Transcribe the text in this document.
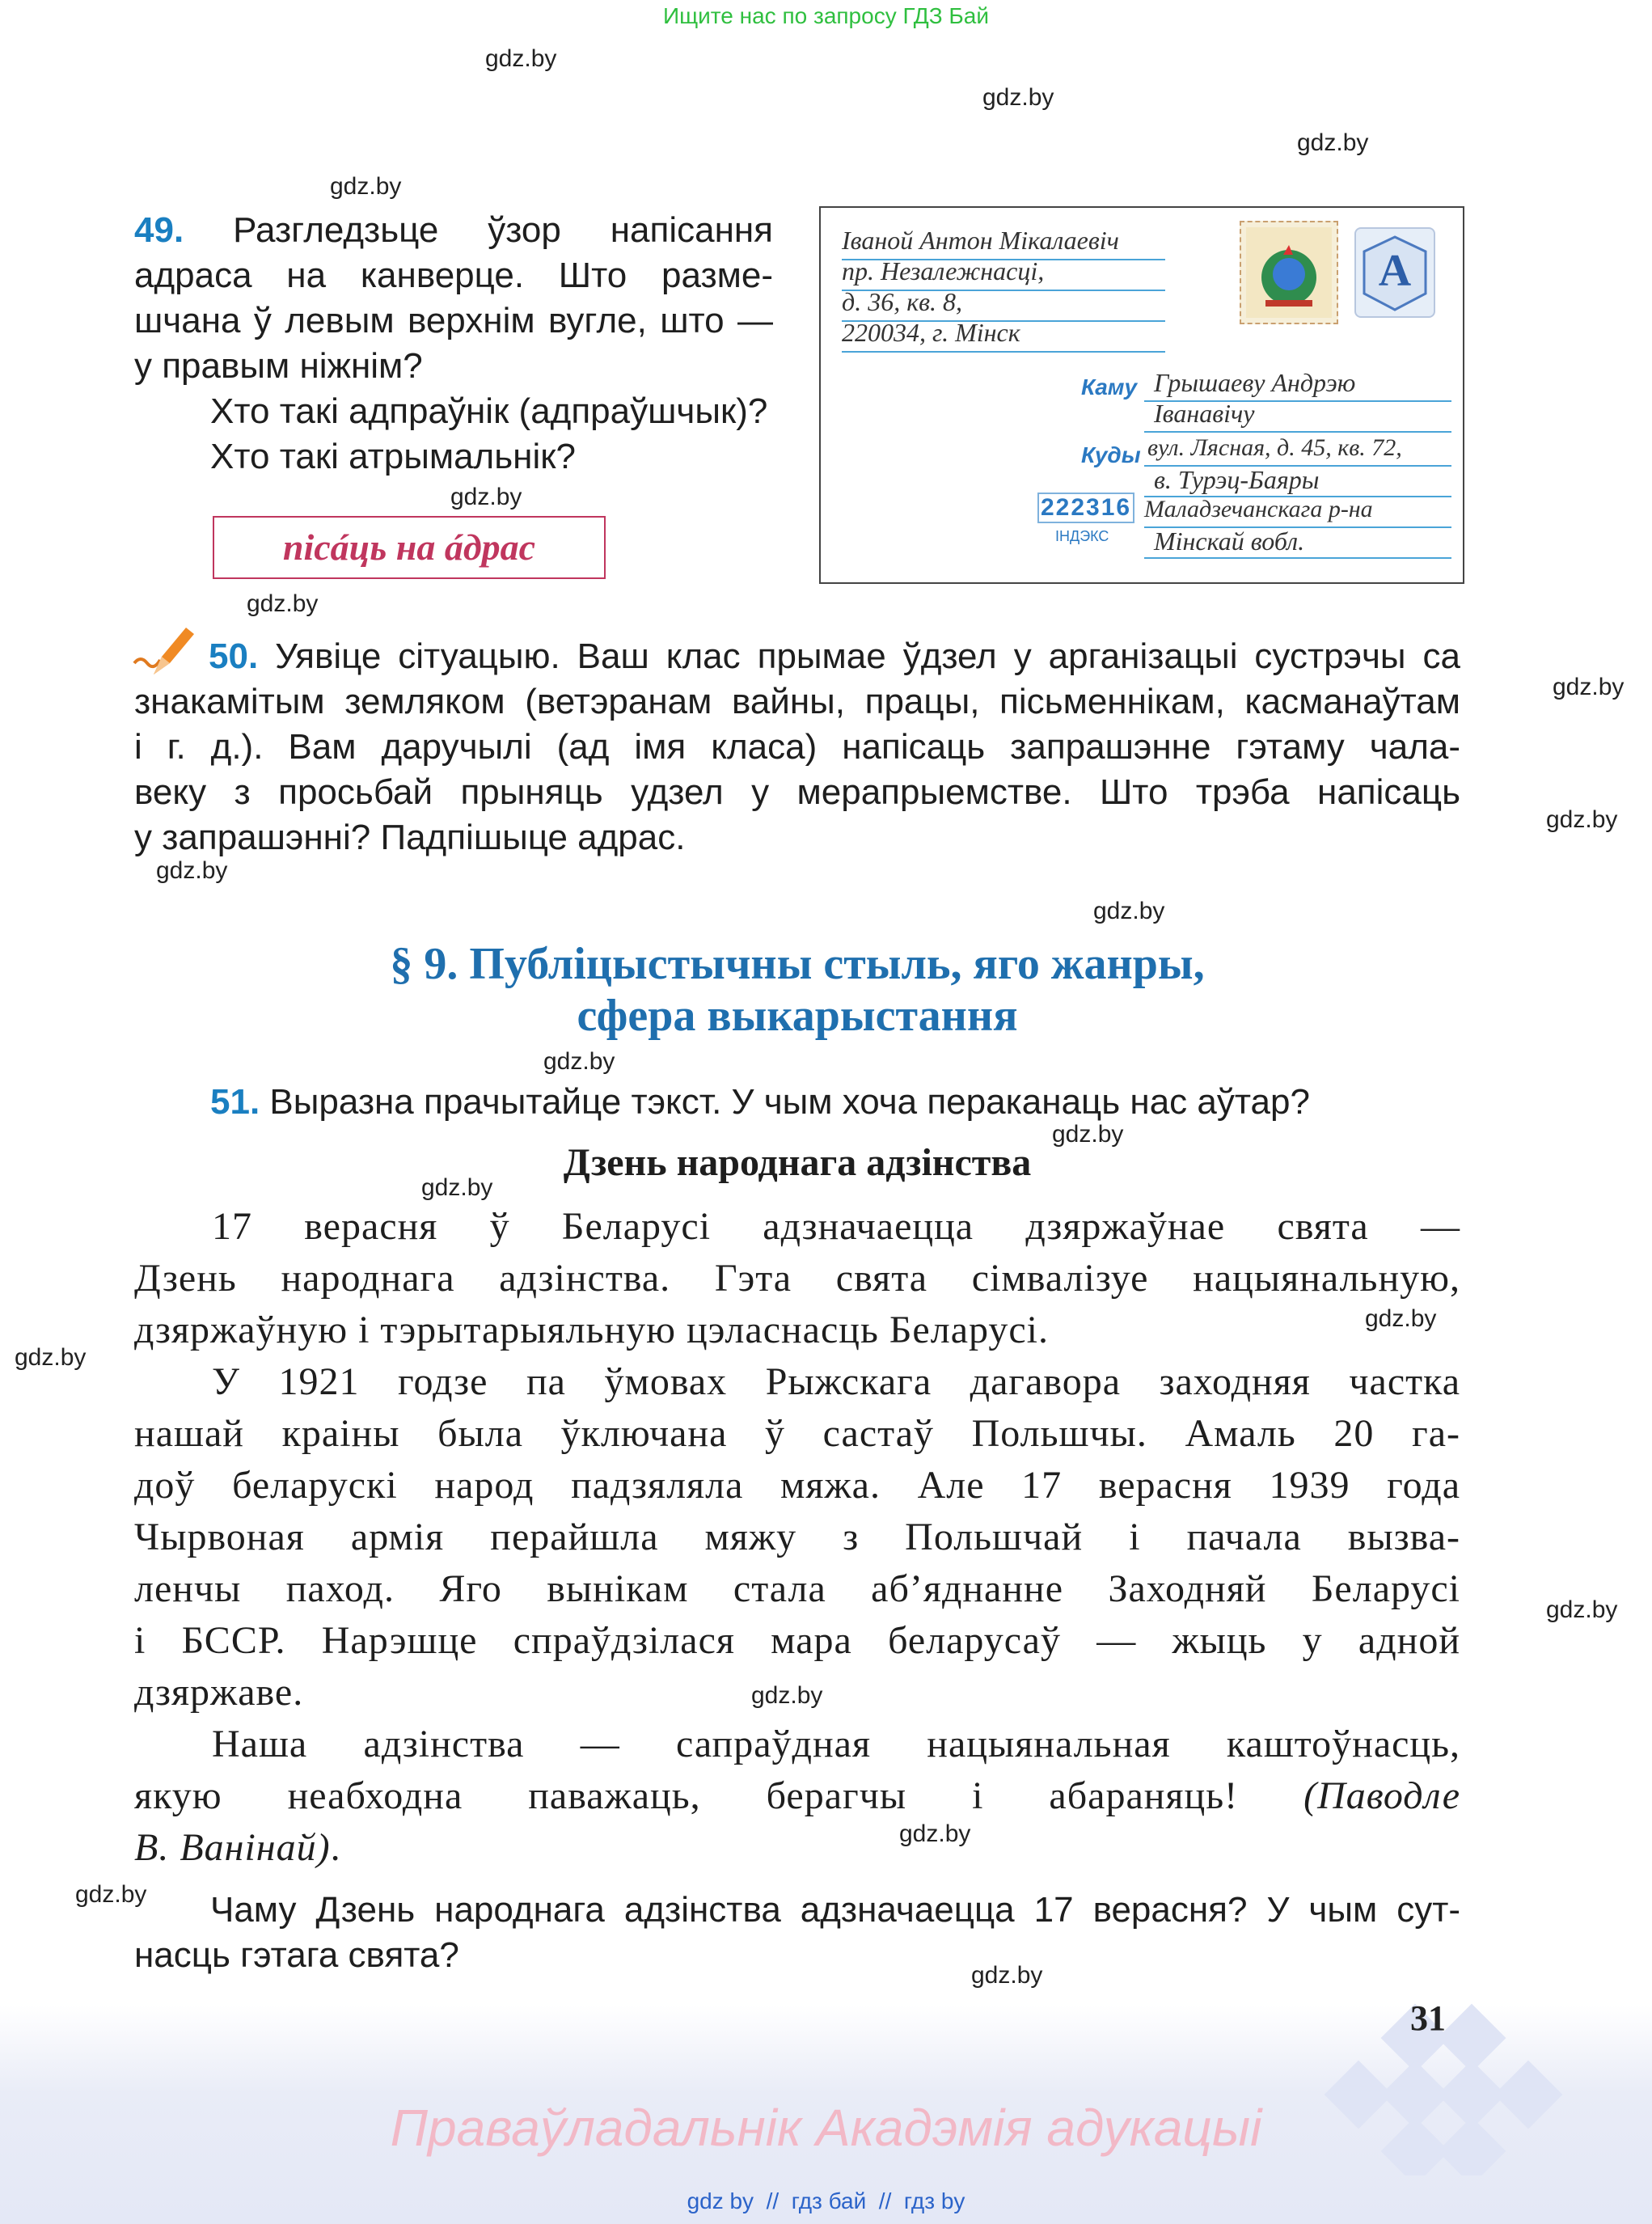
Ищите нас по запросу ГДЗ Бай
gdz.by
gdz.by
gdz.by
gdz.by
gdz.by
gdz.by
gdz.by
gdz.by
gdz.by
gdz.by
gdz.by
gdz.by
gdz.by
gdz.by
gdz.by
gdz.by
gdz.by
gdz.by
gdz.by
gdz.by
49. Разгледзьце ўзор напісання
адраса на канверце. Што разме-
шчана ў левым верхнім вугле, што —
у правым ніжнім?
Хто такі адпраўнік (адпраўшчык)?
Хто такі атрымальнік?
пісáць на áдрас
Іваной Антон Мікалаевіч
пр. Незалежнасці,
д. 36, кв. 8,
220034, г. Мінск
А
Каму Грышаеву Андрэю
Іванавічу
Куды вул. Лясная, д. 45, кв. 72,
в. Турэц-Баяры
Маладзечанскага р-на
Мінскай вобл.
222316
ІНДЭКС
50. Уявіце сітуацыю. Ваш клас прымае ўдзел у арганізацыі сустрэчы са
знакамітым земляком (ветэранам вайны, працы, пісьменнікам, касманаўтам
і г. д.). Вам даручылі (ад імя класа) напісаць запрашэнне гэтаму чала-
веку з просьбай прыняць удзел у мерапрыемстве. Што трэба напісаць
у запрашэнні? Падпішыце адрас.
§ 9. Публіцыстычны стыль, яго жанры,
сфера выкарыстання
51. Выразна прачытайце тэкст. У чым хоча пераканаць нас аўтар?
Дзень народнага адзінства
17 верасня ў Беларусі адзначаецца дзяржаўнае свята —
Дзень народнага адзінства. Гэта свята сімвалізуе нацыянальную,
дзяржаўную і тэрытарыяльную цэласнасць Беларусі.
У 1921 годзе па ўмовах Рыжскага дагавора заходняя частка
нашай краіны была ўключана ў састаў Польшчы. Амаль 20 га-
доў беларускі народ падзяляла мяжа. Але 17 верасня 1939 года
Чырвоная армія перайшла мяжу з Польшчай і пачала вызва-
ленчы паход. Яго вынікам стала аб’яднанне Заходняй Беларусі
і БССР. Нарэшце спраўдзілася мара беларусаў — жыць у адной
дзяржаве.
Наша адзінства — сапраўдная нацыянальная каштоўнасць,
якую неабходна паважаць, берагчы і абараняць! (Паводле
В. Ванінай).
Чаму Дзень народнага адзінства адзначаецца 17 верасня? У чым сут-
насць гэтага свята?
31
Праваўладальнік Акадэмія адукацыі
gdz by  //  гдз бай  //  гдз by
